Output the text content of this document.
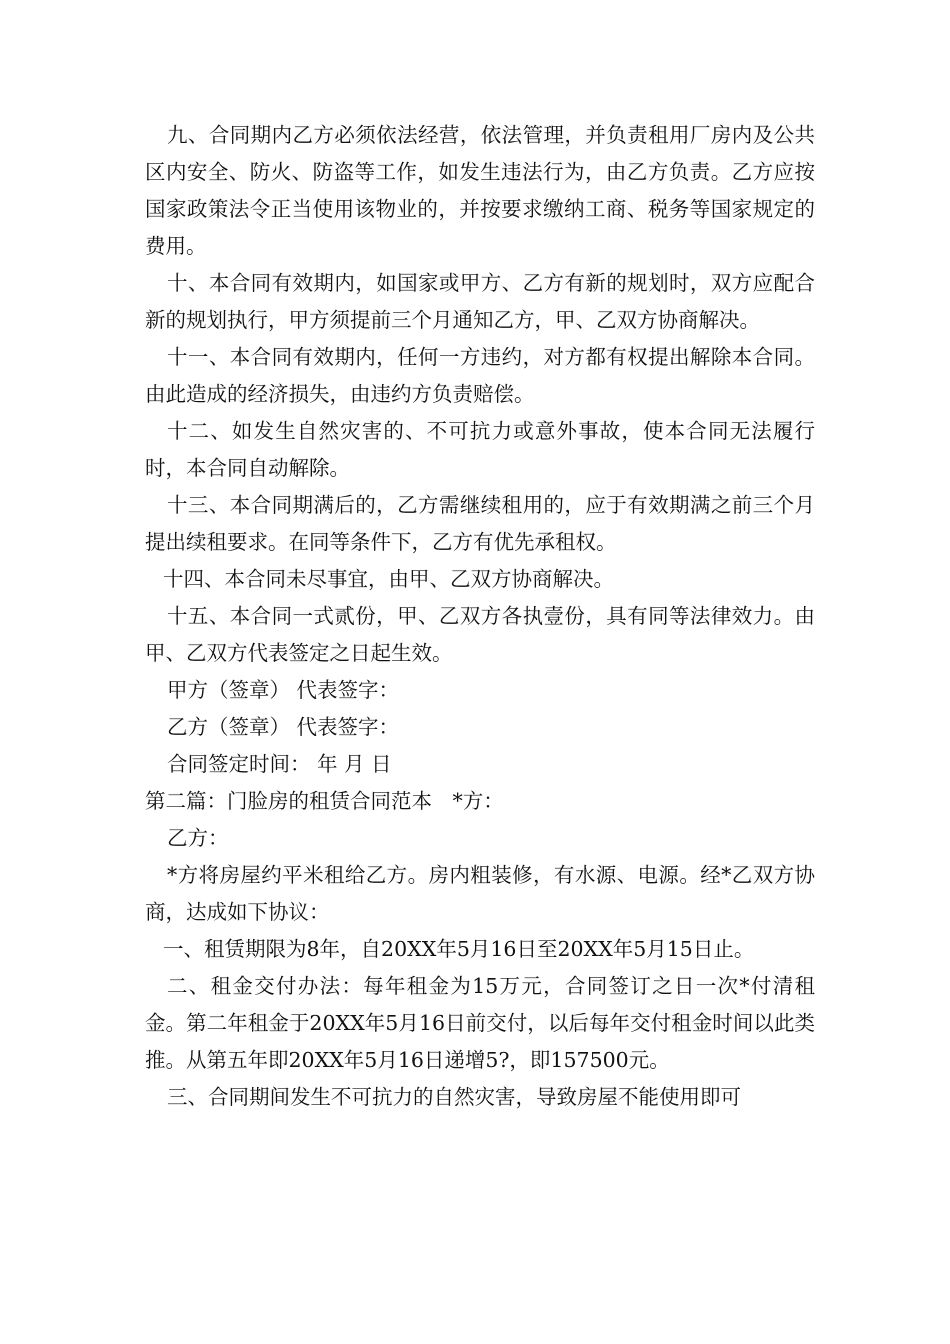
九、合同期内乙方必须依法经营，依法管理，并负责租用厂房内及公共区内安全、防火、防盗等工作，如发生违法行为，由乙方负责。乙方应按国家政策法令正当使用该物业的，并按要求缴纳工商、税务等国家规定的费用。

十、本合同有效期内，如国家或甲方、乙方有新的规划时，双方应配合新的规划执行，甲方须提前三个月通知乙方，甲、乙双方协商解决。

十一、本合同有效期内，任何一方违约，对方都有权提出解除本合同。由此造成的经济损失，由违约方负责赔偿。

十二、如发生自然灾害的、不可抗力或意外事故，使本合同无法履行时，本合同自动解除。

十三、本合同期满后的，乙方需继续租用的，应于有效期满之前三个月提出续租要求。在同等条件下，乙方有优先承租权。

十四、本合同未尽事宜，由甲、乙双方协商解决。

十五、本合同一式贰份，甲、乙双方各执壹份，具有同等法律效力。由甲、乙双方代表签定之日起生效。

甲方（签章） 代表签字：

乙方（签章） 代表签字：

合同签定时间： 年 月 日

第二篇：门脸房的租赁合同范本　*方：

乙方：

*方将房屋约平米租给乙方。房内粗装修，有水源、电源。经*乙双方协商，达成如下协议：

一、租赁期限为8年，自20XX年5月16日至20XX年5月15日止。

二、租金交付办法：每年租金为15万元，合同签订之日一次*付清租金。第二年租金于20XX年5月16日前交付，以后每年交付租金时间以此类推。从第五年即20XX年5月16日递增5?，即157500元。

三、合同期间发生不可抗力的自然灾害，导致房屋不能使用即可
